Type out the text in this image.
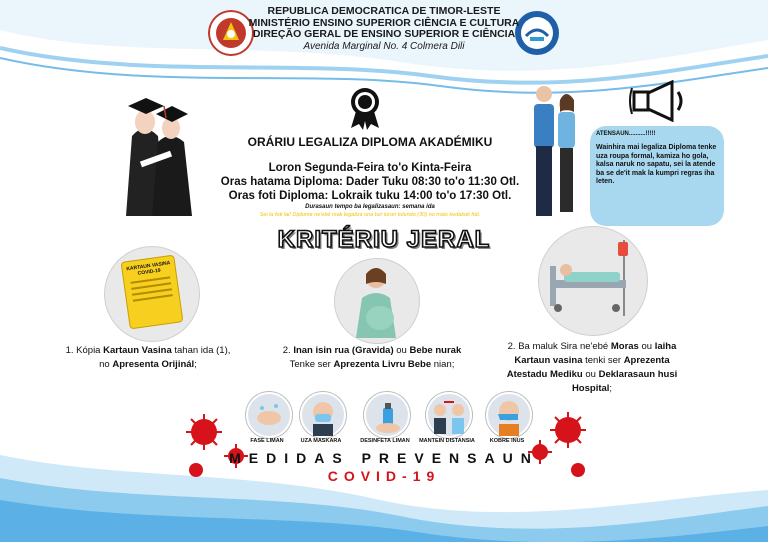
REPUBLICA DEMOCRATICA DE TIMOR-LESTE
MINISTÉRIO ENSINO SUPERIOR CIÊNCIA E CULTURA
DIREÇÃO GERAL DE ENSINO SUPERIOR E CIÊNCIA
Avenida Marginal No. 4 Colmera Dili
ORÁRIU LEGALIZA DIPLOMA AKADÉMIKU
Loron Segunda-Feira to'o Kinta-Feira
Oras hatama Diploma: Dader Tuku 08:30 to'o 11:30 Otl.
Oras foti Diploma: Lokraik tuku 14:00 to'o 17:30 Otl.
Durasaun tempo ba legalizasaun: semana ida
Sei la foti lai! Diploma ne'ebé mak legaliza ona tuir loron tolundo (30) no mais kedakok foti.
ATENSAUN..........!!!!!
Wainhira mai legaliza Diploma tenke uza roupa formal, kamiza ho gola, kalsa naruk no sapatu, sei la atende ba se de'it mak la kumpri regras iha leten.
KRITÉRIU JERAL
KARTAUN VASINA COVID-19
1. Kópia Kartaun Vasina tahan ida (1),
no Apresenta Orijinál;
2. Inan isin rua (Gravida) ou Bebe nurak
Tenke ser Aprezenta Livru Bebe nian;
2. Ba maluk Sira ne'ebé Moras ou laiha
Kartaun vasina tenki ser Aprezenta
Atestadu Mediku ou Deklarasaun husi
Hospital;
FASE LIMAN	UZA MASKARA	DESINFETA LIMAN	MANTEIN DISTANSIA	KOBRE INUS
MEDIDAS PREVENSAUN
COVID-19
